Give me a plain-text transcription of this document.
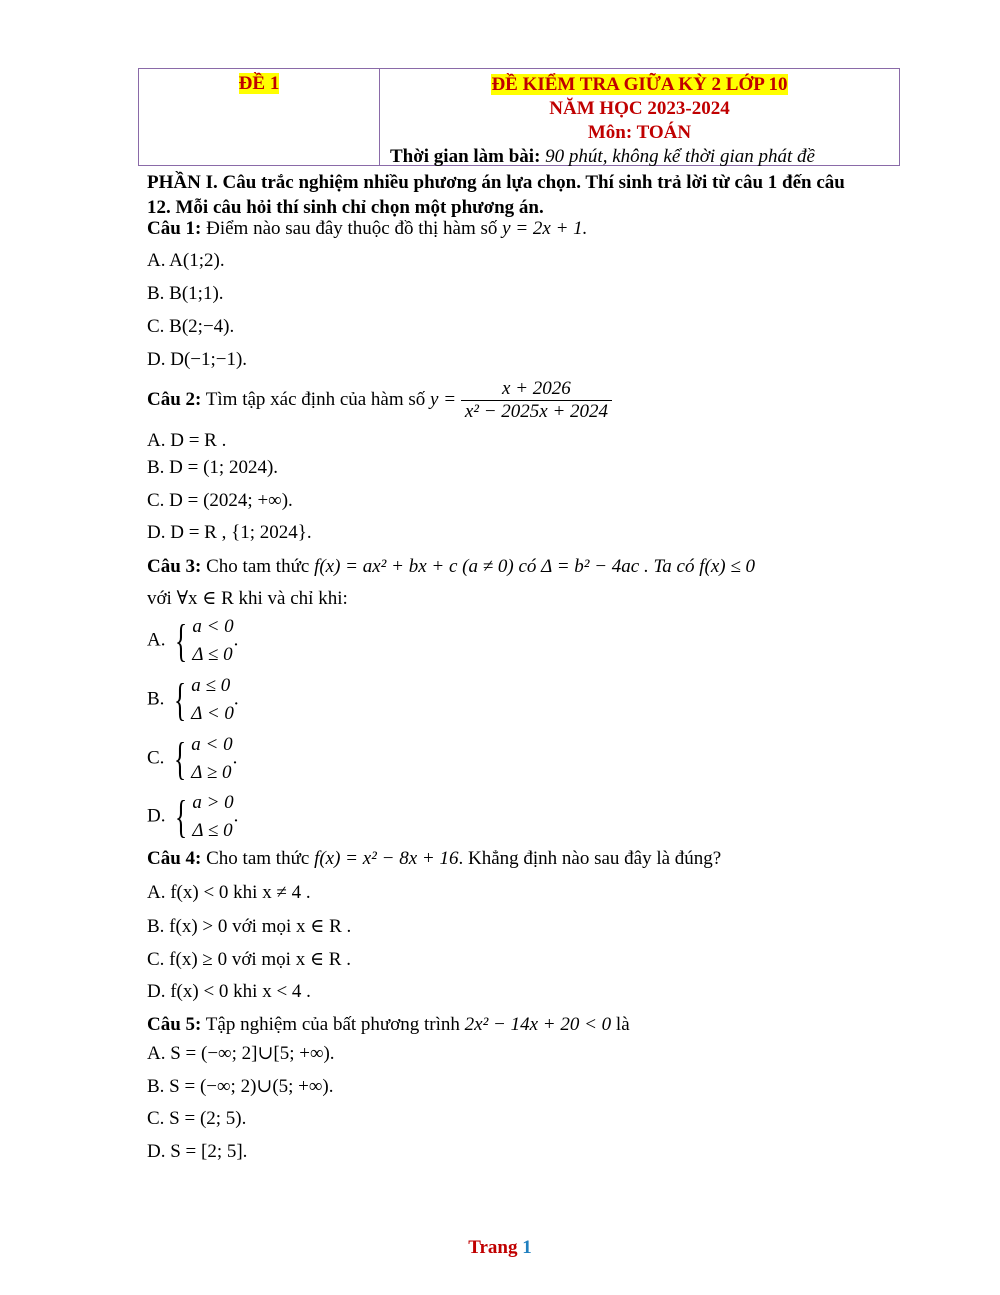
ĐỀ 1	ĐỀ KIỂM TRA GIỮA KỲ 2 LỚP 10
NĂM HỌC 2023-2024
Môn: TOÁN
Thời gian làm bài: 90 phút, không kể thời gian phát đề

PHẦN I. Câu trắc nghiệm nhiều phương án lựa chọn. Thí sinh trả lời từ câu 1 đến câu 12. Mỗi câu hỏi thí sinh chỉ chọn một phương án.

Câu 1: Điểm nào sau đây thuộc đồ thị hàm số y = 2x + 1.
A. A(1;2).
B. B(1;1).
C. B(2;−4).
D. D(−1;−1).
Câu 2: Tìm tập xác định của hàm số $y = \frac{x + 2026}{\text{x² − 2025x + 2024}}$
A. D = R .
B. D = (1; 2024).
C. D = (2024; +∞).
D. D = R , {1; 2024}.
Câu 3: Cho tam thức f(x) = ax² + bx + c (a ≠ 0) có Δ = b² − 4ac . Ta có f(x) ≤ 0
với ∀x ∈ R khi và chỉ khi:
A. { a < 0
Δ ≤ 0
.
B. { a ≤ 0
Δ < 0
.
C. { a < 0
Δ ≥ 0
.
D. { a > 0
Δ ≤ 0
.
Câu 4: Cho tam thức f(x) = x² − 8x + 16. Khẳng định nào sau đây là đúng?
A. f(x) < 0 khi x ≠ 4 .
B. f(x) > 0 với mọi x ∈ R .
C. f(x) ≥ 0 với mọi x ∈ R .
D. f(x) < 0 khi x < 4 .
Câu 5: Tập nghiệm của bất phương trình 2x² − 14x + 20 < 0 là
A. S = (−∞; 2]∪[5; +∞).
B. S = (−∞; 2)∪(5; +∞).
C. S = (2; 5).
D. S = [2; 5].
Trang 1
